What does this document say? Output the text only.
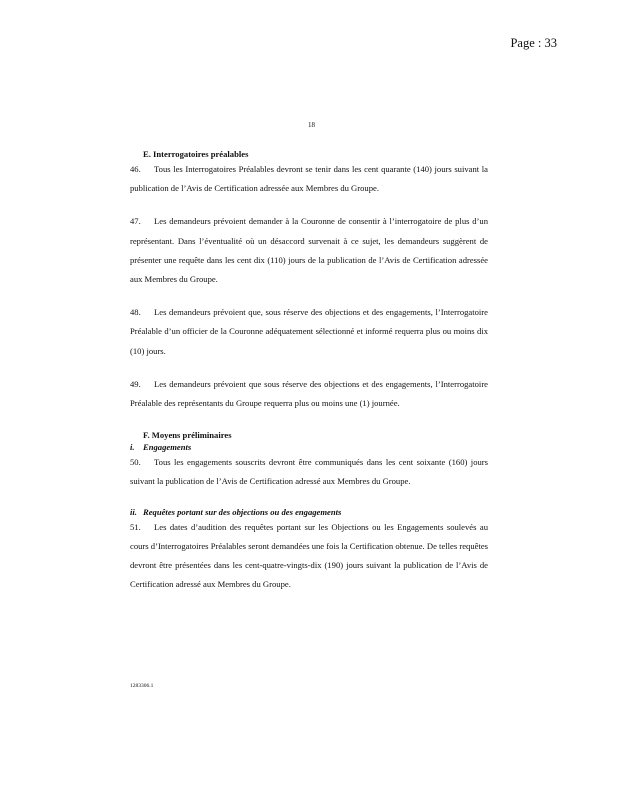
Page : 33
18

E. Interrogatoires préalables

46. Tous les Interrogatoires Préalables devront se tenir dans les cent quarante (140) jours suivant la publication de l’Avis de Certification adressée aux Membres du Groupe.

47. Les demandeurs prévoient demander à la Couronne de consentir à l’interrogatoire de plus d’un représentant. Dans l’éventualité où un désaccord survenait à ce sujet, les demandeurs suggèrent de présenter une requête dans les cent dix (110) jours de la publication de l’Avis de Certification adressée aux Membres du Groupe.

48. Les demandeurs prévoient que, sous réserve des objections et des engagements, l’Interrogatoire Préalable d’un officier de la Couronne adéquatement sélectionné et informé requerra plus ou moins dix (10) jours.

49. Les demandeurs prévoient que sous réserve des objections et des engagements, l’Interrogatoire Préalable des représentants du Groupe requerra plus ou moins une (1) journée.

F. Moyens préliminaires

i. Engagements

50. Tous les engagements souscrits devront être communiqués dans les cent soixante (160) jours suivant la publication de l’Avis de Certification adressé aux Membres du Groupe.

ii. Requêtes portant sur des objections ou des engagements

51. Les dates d’audition des requêtes portant sur les Objections ou les Engagements soulevés au cours d’Interrogatoires Préalables seront demandées une fois la Certification obtenue. De telles requêtes devront être présentées dans les cent-quatre-vingts-dix (190) jours suivant la publication de l’Avis de Certification adressé aux Membres du Groupe.

1283306.1
